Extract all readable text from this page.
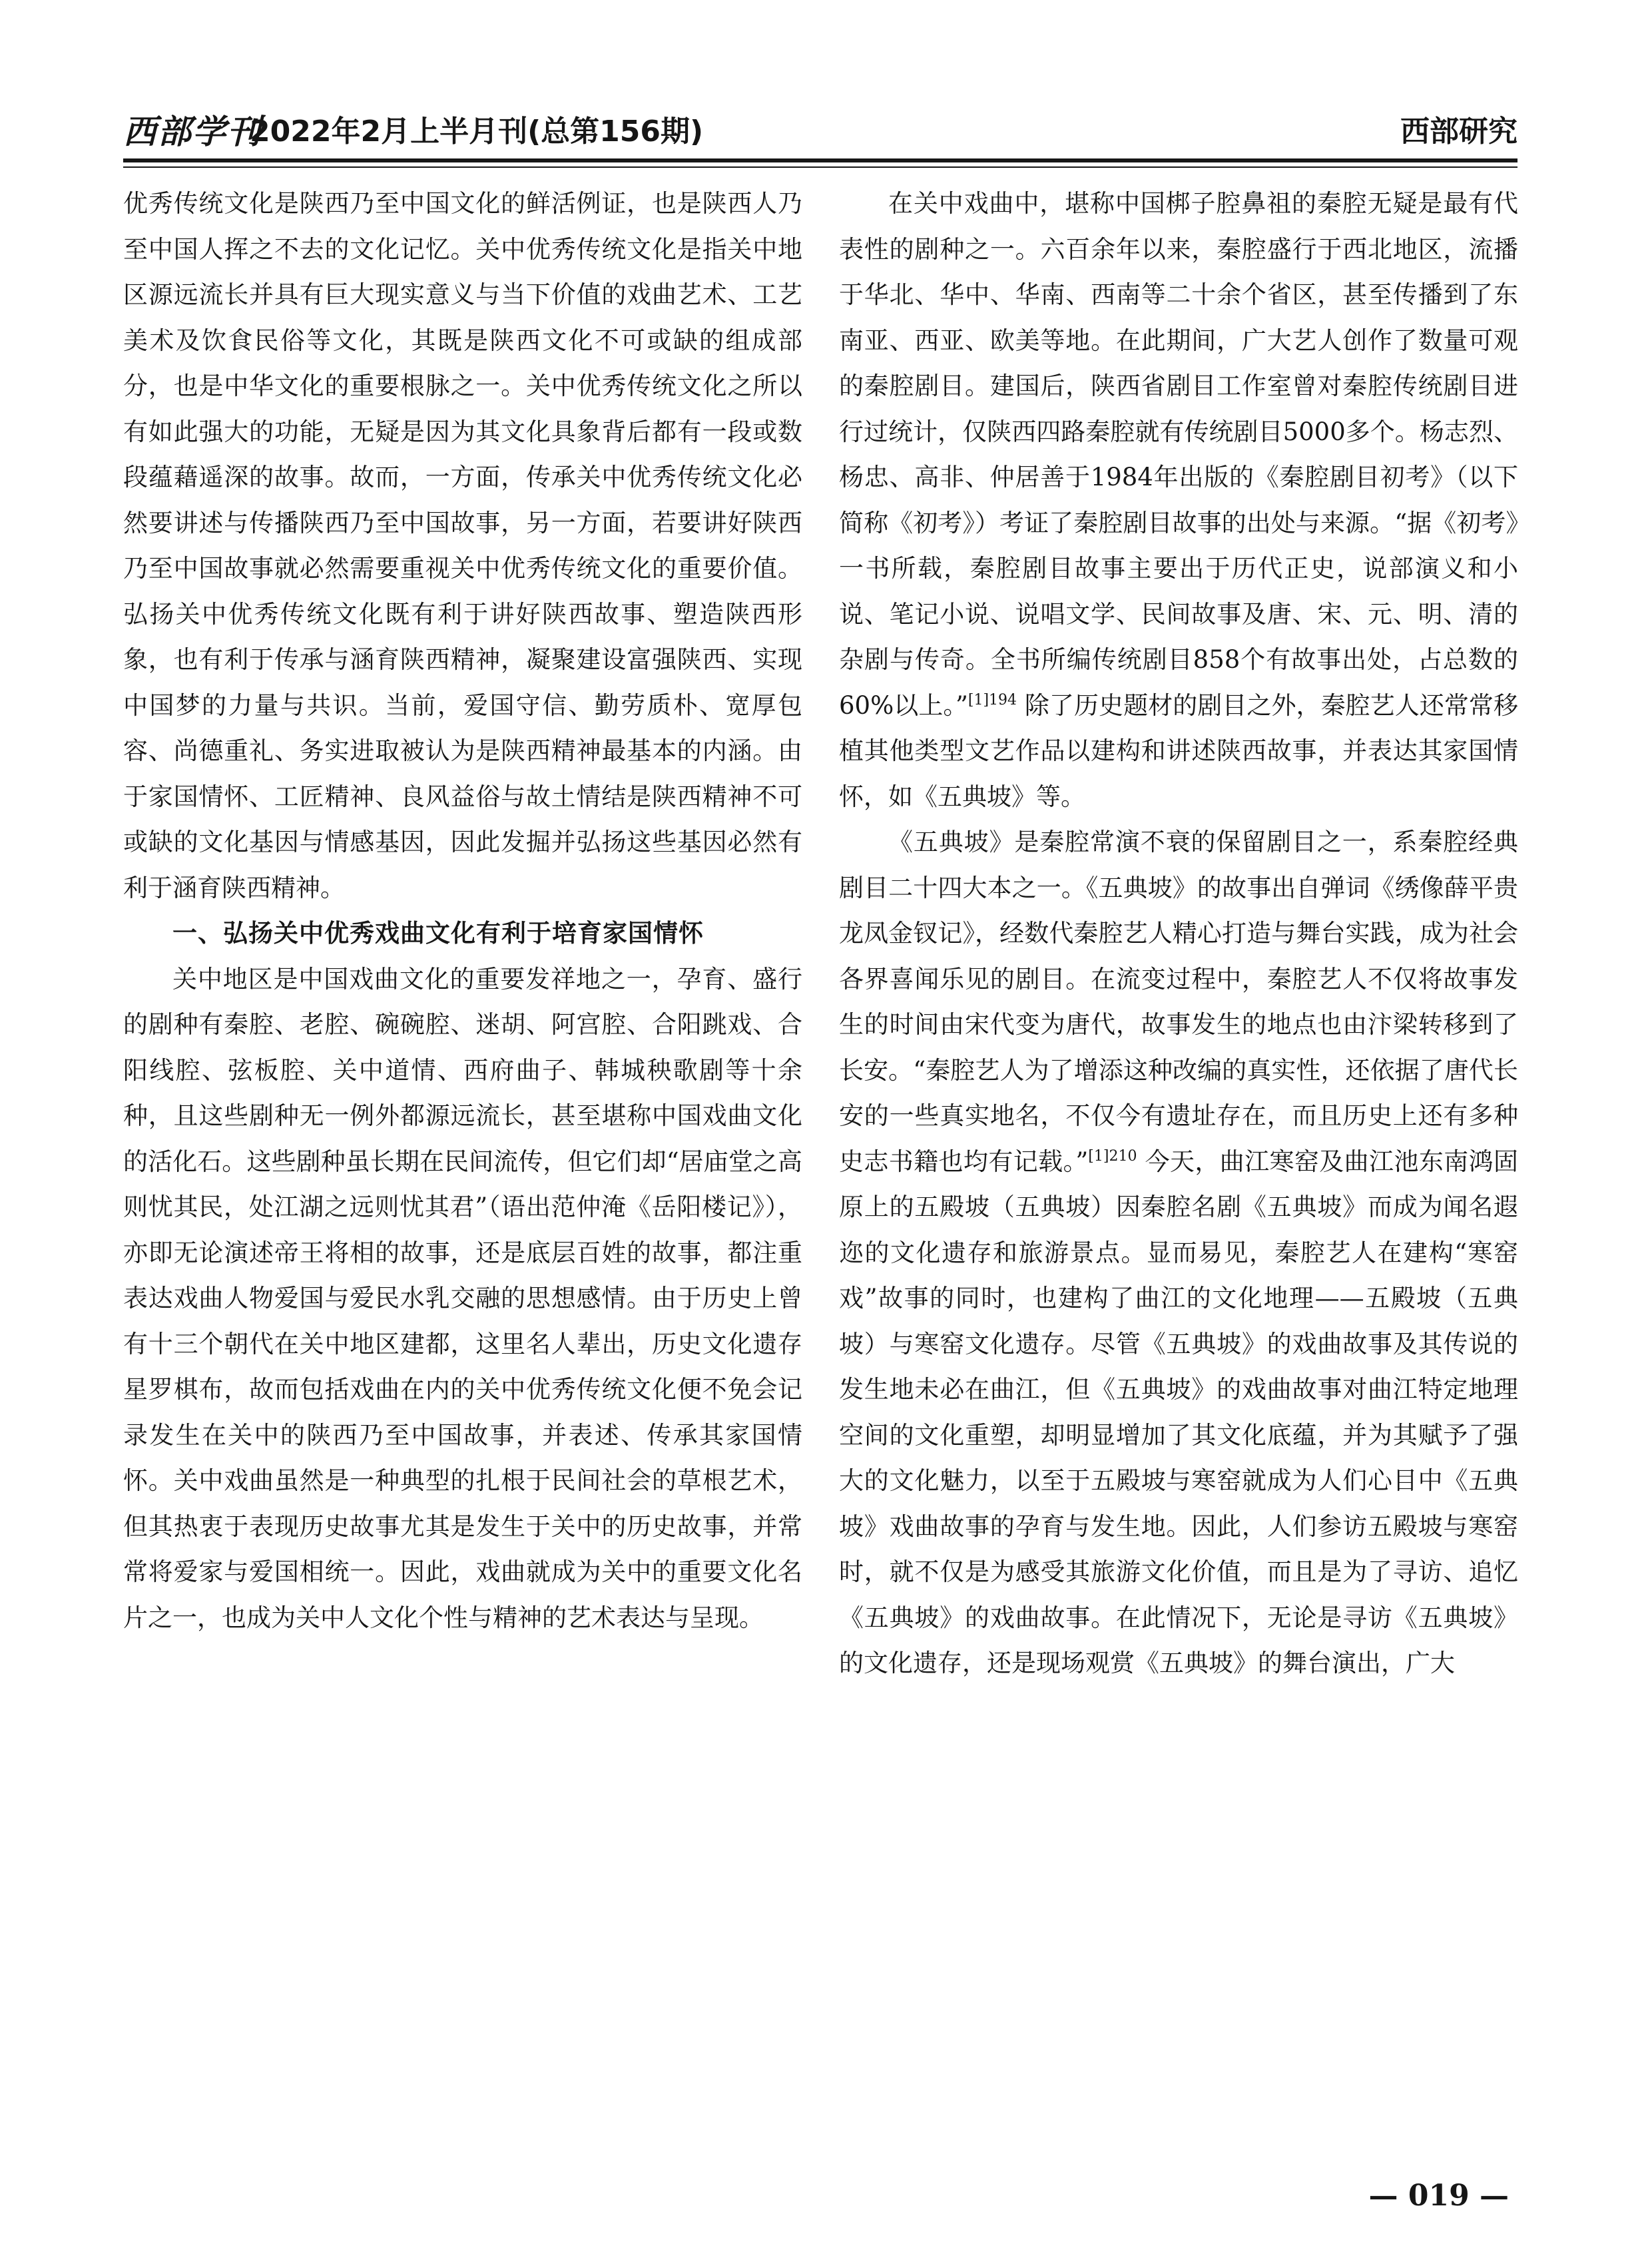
西部学刊
2022年2月上半月刊(总第156期)	西部研究

优秀传统文化是陕西乃至中国文化的鲜活例证，也是陕西人乃至中国人挥之不去的文化记忆。关中优秀传统文化是指关中地区源远流长并具有巨大现实意义与当下价值的戏曲艺术、工艺美术及饮食民俗等文化，其既是陕西文化不可或缺的组成部分，也是中华文化的重要根脉之一。关中优秀传统文化之所以有如此强大的功能，无疑是因为其文化具象背后都有一段或数段蕴藉遥深的故事。故而，一方面，传承关中优秀传统文化必然要讲述与传播陕西乃至中国故事，另一方面，若要讲好陕西乃至中国故事就必然需要重视关中优秀传统文化的重要价值。弘扬关中优秀传统文化既有利于讲好陕西故事、塑造陕西形象，也有利于传承与涵育陕西精神，凝聚建设富强陕西、实现中国梦的力量与共识。当前，爱国守信、勤劳质朴、宽厚包容、尚德重礼、务实进取被认为是陕西精神最基本的内涵。由于家国情怀、工匠精神、良风益俗与故土情结是陕西精神不可或缺的文化基因与情感基因，因此发掘并弘扬这些基因必然有利于涵育陕西精神。

一、弘扬关中优秀戏曲文化有利于培育家国情怀

关中地区是中国戏曲文化的重要发祥地之一，孕育、盛行的剧种有秦腔、老腔、碗碗腔、迷胡、阿宫腔、合阳跳戏、合阳线腔、弦板腔、关中道情、西府曲子、韩城秧歌剧等十余种，且这些剧种无一例外都源远流长，甚至堪称中国戏曲文化的活化石。这些剧种虽长期在民间流传，但它们却“居庙堂之高则忧其民，处江湖之远则忧其君”（语出范仲淹《岳阳楼记》），亦即无论演述帝王将相的故事，还是底层百姓的故事，都注重表达戏曲人物爱国与爱民水乳交融的思想感情。由于历史上曾有十三个朝代在关中地区建都，这里名人辈出，历史文化遗存星罗棋布，故而包括戏曲在内的关中优秀传统文化便不免会记录发生在关中的陕西乃至中国故事，并表述、传承其家国情怀。关中戏曲虽然是一种典型的扎根于民间社会的草根艺术，但其热衷于表现历史故事尤其是发生于关中的历史故事，并常常将爱家与爱国相统一。因此，戏曲就成为关中的重要文化名片之一，也成为关中人文化个性与精神的艺术表达与呈现。

在关中戏曲中，堪称中国梆子腔鼻祖的秦腔无疑是最有代表性的剧种之一。六百余年以来，秦腔盛行于西北地区，流播于华北、华中、华南、西南等二十余个省区，甚至传播到了东南亚、西亚、欧美等地。在此期间，广大艺人创作了数量可观的秦腔剧目。建国后，陕西省剧目工作室曾对秦腔传统剧目进行过统计，仅陕西四路秦腔就有传统剧目5000多个。杨志烈、杨忠、高非、仲居善于1984年出版的《秦腔剧目初考》（以下简称《初考》）考证了秦腔剧目故事的出处与来源。“据《初考》一书所载，秦腔剧目故事主要出于历代正史，说部演义和小说、笔记小说、说唱文学、民间故事及唐、宋、元、明、清的杂剧与传奇。全书所编传统剧目858个有故事出处，占总数的60%以上。”$^{[1]194}$ 除了历史题材的剧目之外，秦腔艺人还常常移植其他类型文艺作品以建构和讲述陕西故事，并表达其家国情怀，如《五典坡》等。

《五典坡》是秦腔常演不衰的保留剧目之一，系秦腔经典剧目二十四大本之一。《五典坡》的故事出自弹词《绣像薛平贵龙凤金钗记》，经数代秦腔艺人精心打造与舞台实践，成为社会各界喜闻乐见的剧目。在流变过程中，秦腔艺人不仅将故事发生的时间由宋代变为唐代，故事发生的地点也由汴梁转移到了长安。“秦腔艺人为了增添这种改编的真实性，还依据了唐代长安的一些真实地名，不仅今有遗址存在，而且历史上还有多种史志书籍也均有记载。”$^{[1]210}$ 今天，曲江寒窑及曲江池东南鸿固原上的五殿坡（五典坡）因秦腔名剧《五典坡》而成为闻名遐迩的文化遗存和旅游景点。显而易见，秦腔艺人在建构“寒窑戏”故事的同时，也建构了曲江的文化地理——五殿坡（五典坡）与寒窑文化遗存。尽管《五典坡》的戏曲故事及其传说的发生地未必在曲江，但《五典坡》的戏曲故事对曲江特定地理空间的文化重塑，却明显增加了其文化底蕴，并为其赋予了强大的文化魅力，以至于五殿坡与寒窑就成为人们心目中《五典坡》戏曲故事的孕育与发生地。因此，人们参访五殿坡与寒窑时，就不仅是为感受其旅游文化价值，而且是为了寻访、追忆《五典坡》的戏曲故事。在此情况下，无论是寻访《五典坡》的文化遗存，还是现场观赏《五典坡》的舞台演出，广大

— 019 —
